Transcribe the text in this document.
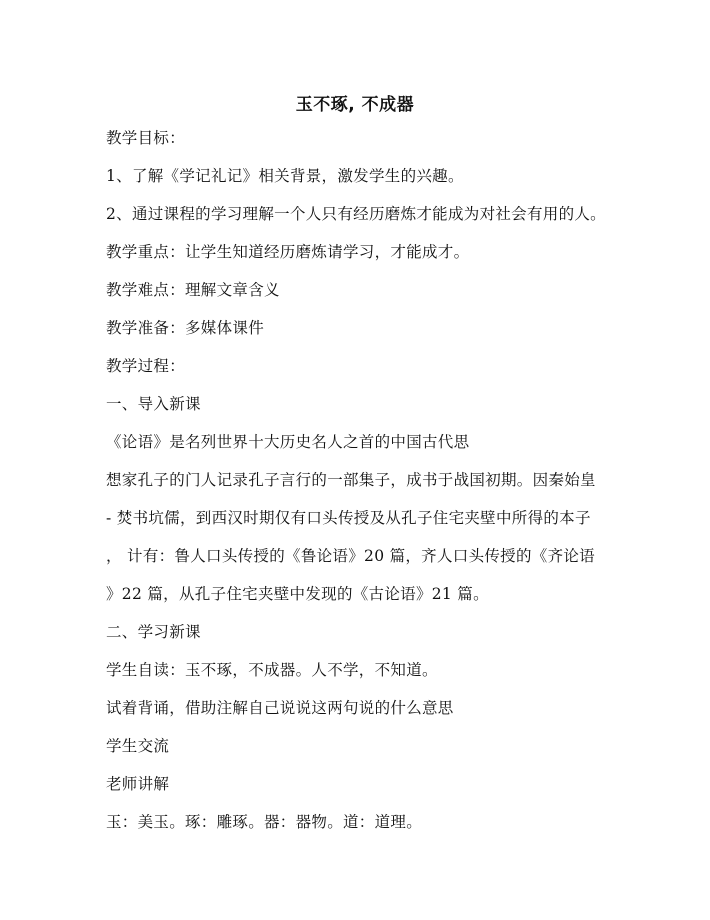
玉不琢, 不成器
教学目标：
1、了解《学记礼记》相关背景，激发学生的兴趣。
2、通过课程的学习理解一个人只有经历磨炼才能成为对社会有用的人。
教学重点：让学生知道经历磨炼请学习，才能成才。
教学难点：理解文章含义
教学准备：多媒体课件
教学过程：
一、导入新课
《论语》是名列世界十大历史名人之首的中国古代思
想家孔子的门人记录孔子言行的一部集子，成书于战国初期。因秦始皇
- 焚书坑儒，到西汉时期仅有口头传授及从孔子住宅夹壁中所得的本子
， 计有：鲁人口头传授的《鲁论语》20 篇，齐人口头传授的《齐论语
》22 篇，从孔子住宅夹壁中发现的《古论语》21 篇。
二、学习新课
学生自读：玉不琢，不成器。人不学，不知道。
试着背诵，借助注解自己说说这两句说的什么意思
学生交流
老师讲解
玉：美玉。琢：雕琢。器：器物。道：道理。
